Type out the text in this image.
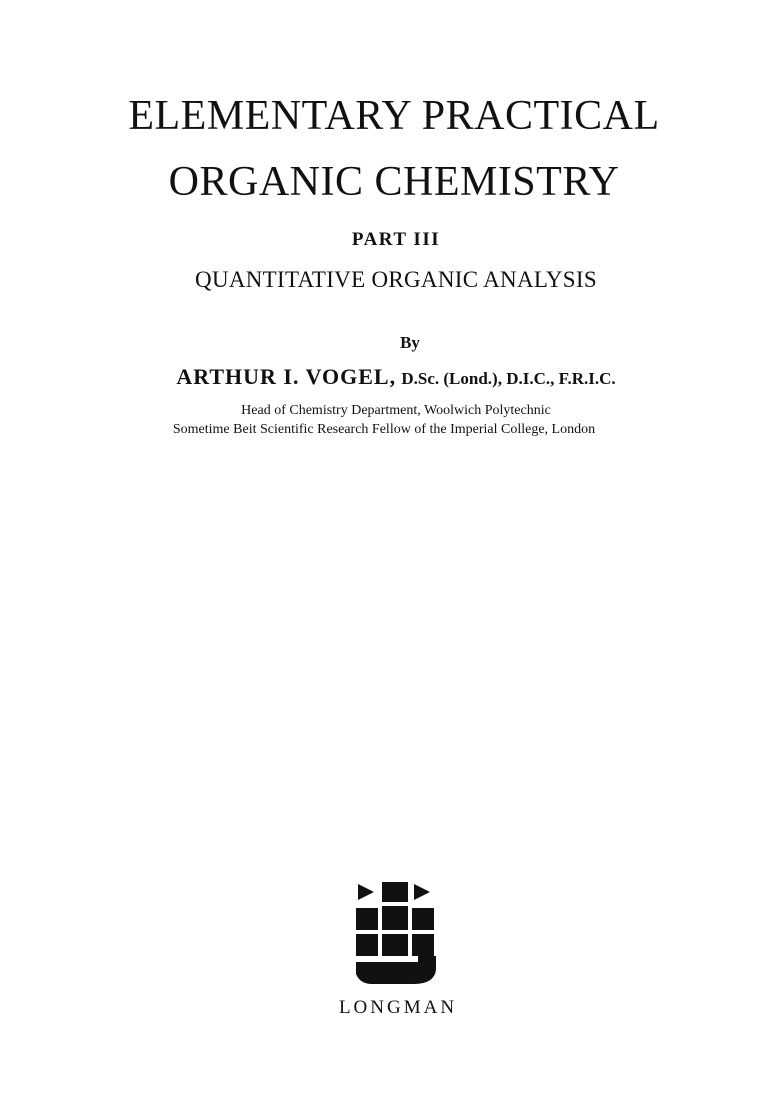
ELEMENTARY PRACTICAL
ORGANIC CHEMISTRY
PART III
QUANTITATIVE ORGANIC ANALYSIS
By
ARTHUR I. VOGEL, D.Sc. (Lond.), D.I.C., F.R.I.C.
Head of Chemistry Department, Woolwich Polytechnic
Sometime Beit Scientific Research Fellow of the Imperial College, London
LONGMAN
